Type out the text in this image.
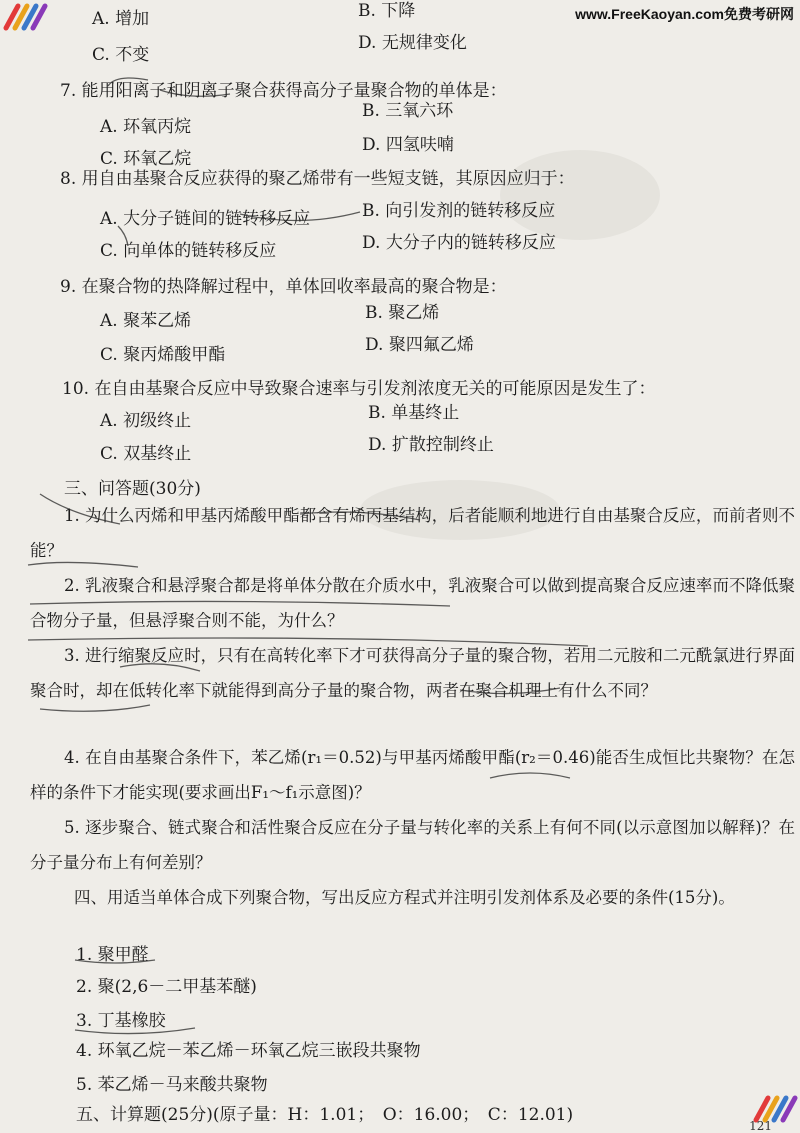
www.FreeKaoyan.com免费考研网
A. 增加	B. 下降
C. 不变
D. 无规律变化
7. 能用阳离子和阴离子聚合获得高分子量聚合物的单体是：
A. 环氧丙烷
B. 三氧六环
C. 环氧乙烷
D. 四氢呋喃
8. 用自由基聚合反应获得的聚乙烯带有一些短支链，其原因应归于：
A. 大分子链间的链转移反应	B. 向引发剂的链转移反应
C. 向单体的链转移反应	D. 大分子内的链转移反应
9. 在聚合物的热降解过程中，单体回收率最高的聚合物是：
A. 聚苯乙烯	B. 聚乙烯
C. 聚丙烯酸甲酯	D. 聚四氟乙烯
10. 在自由基聚合反应中导致聚合速率与引发剂浓度无关的可能原因是发生了：
A. 初级终止	B. 单基终止
C. 双基终止	D. 扩散控制终止
三、问答题(30分)
1. 为什么丙烯和甲基丙烯酸甲酯都含有烯丙基结构，后者能顺利地进行自由基聚合反应，而前者则不能？
2. 乳液聚合和悬浮聚合都是将单体分散在介质水中，乳液聚合可以做到提高聚合反应速率而不降低聚合物分子量，但悬浮聚合则不能，为什么？
3. 进行缩聚反应时，只有在高转化率下才可获得高分子量的聚合物，若用二元胺和二元酰氯进行界面聚合时，却在低转化率下就能得到高分子量的聚合物，两者在聚合机理上有什么不同？
4. 在自由基聚合条件下，苯乙烯(r₁＝0.52)与甲基丙烯酸甲酯(r₂＝0.46)能否生成恒比共聚物？在怎样的条件下才能实现(要求画出F₁～f₁示意图)？
5. 逐步聚合、链式聚合和活性聚合反应在分子量与转化率的关系上有何不同(以示意图加以解释)？在分子量分布上有何差别？
四、用适当单体合成下列聚合物，写出反应方程式并注明引发剂体系及必要的条件(15分)。
1. 聚甲醛
2. 聚(2,6－二甲基苯醚)
3. 丁基橡胶
4. 环氧乙烷－苯乙烯－环氧乙烷三嵌段共聚物
5. 苯乙烯－马来酸共聚物
五、计算题(25分)(原子量：H：1.01；　O：16.00；　C：12.01)
121
